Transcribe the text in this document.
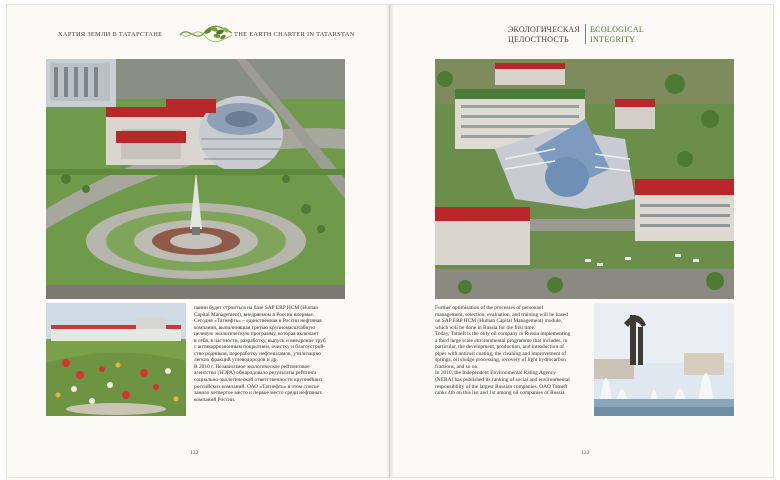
ХАРТИЯ ЗЕМЛИ В ТАТАРСТАНЕ	THE EARTH CHARTER IN TATARSTAN
ЭКОЛОГИЧЕСКАЯ
ЦЕЛОСТНОСТЬ
ECOLOGICAL
INTEGRITY

пании будет строиться на базе SAP ERP HCM (Human

Capital Management), внедряемом в России впервые.

Сегодня «Татнефть» – единственная в России нефтяная

компания, выполнившая третью крупномасштабную

целевую экологическую программу, которая включает

в себя, в частности, разработку, выпуск и внедрение труб

с антикоррозионным покрытием, очистку и благоустрой-

ство родников, переработку нефтешламов, утилизацию

легких фракций углеводородов и др.

В 2010 г. Независимое экологическое рейтинговое

агентство (НЭРА) обнародовало результаты рейтинга

социально-экологической ответственности крупнейших

российских компаний. ОАО «Татнефть» в этом списке

заняло четвертое место и первое место среди нефтяных

компаний России.

132

Further optimisation of the processes of personnel

management, selection, evaluation, and training will be based

on SAP ERP HCM (Human Capital Management) module,

which will be done in Russia for the first time.

Today, Tatneft is the only oil company in Russia implementing

a third large scale environmental programme that includes, in

particular, the development, production, and introduction of

pipes with antirust coating, the cleaning and improvement of

springs, oil sludge processing, recovery of light hydrocarbon

fractions, and so on.

In 2010, the Independent Environmental Rating Agency

(NERA) has published its ranking of social and environmental

responsibility of the largest Russian companies. OAO Tatneft

ranks 4th on this list and 1st among oil companies of Russia.

133
